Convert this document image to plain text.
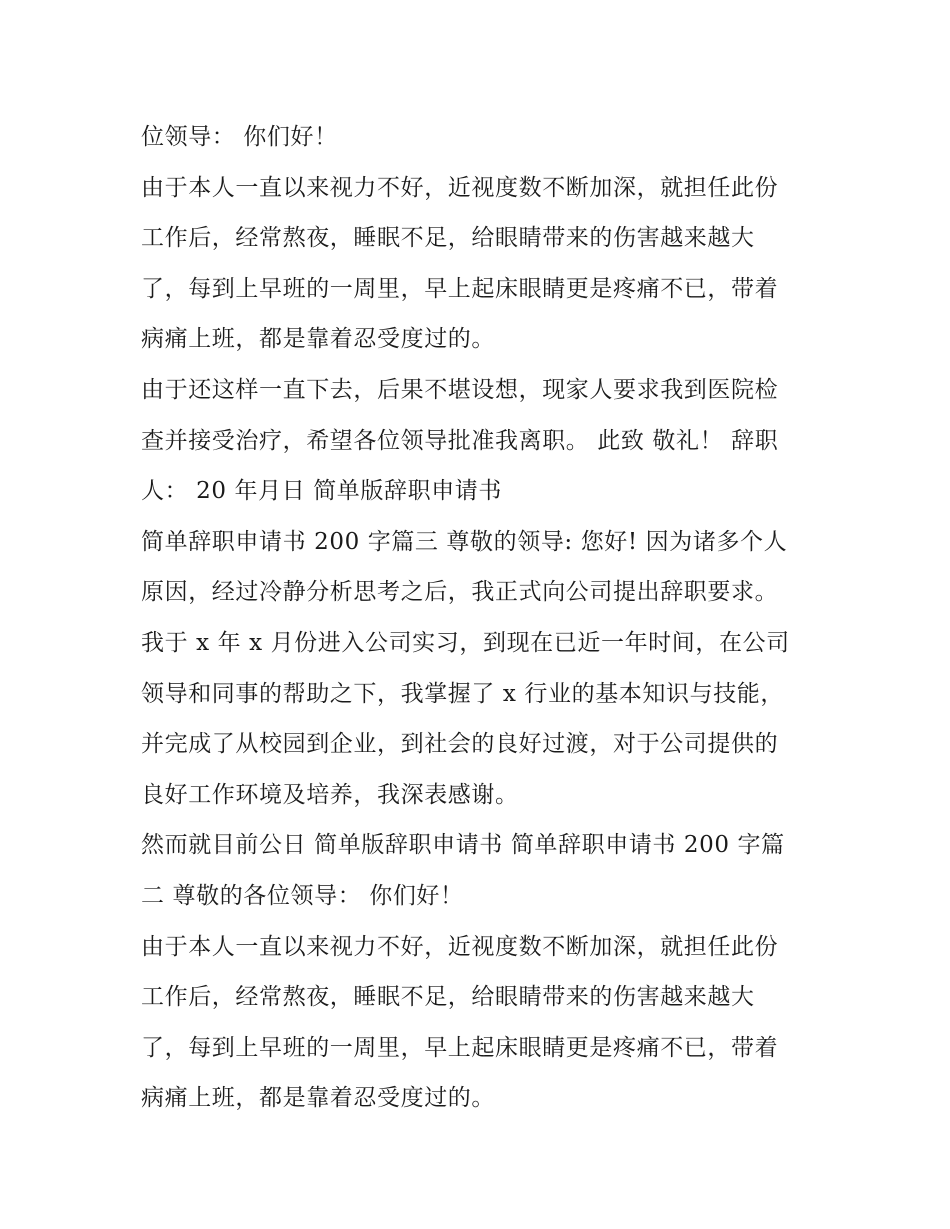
位领导： 你们好！
由于本人一直以来视力不好，近视度数不断加深，就担任此份
工作后，经常熬夜，睡眠不足，给眼睛带来的伤害越来越大
了，每到上早班的一周里，早上起床眼睛更是疼痛不已，带着
病痛上班，都是靠着忍受度过的。
由于还这样一直下去，后果不堪设想，现家人要求我到医院检
查并接受治疗，希望各位领导批准我离职。 此致 敬礼！ 辞职
人： 20 年月日 简单版辞职申请书
简单辞职申请书 200 字篇三 尊敬的领导: 您好! 因为诸多个人
原因，经过冷静分析思考之后，我正式向公司提出辞职要求。
我于 x 年 x 月份进入公司实习，到现在已近一年时间，在公司
领导和同事的帮助之下，我掌握了 x 行业的基本知识与技能，
并完成了从校园到企业，到社会的良好过渡，对于公司提供的
良好工作环境及培养，我深表感谢。
然而就目前公日 简单版辞职申请书 简单辞职申请书 200 字篇
二 尊敬的各位领导： 你们好！
由于本人一直以来视力不好，近视度数不断加深，就担任此份
工作后，经常熬夜，睡眠不足，给眼睛带来的伤害越来越大
了，每到上早班的一周里，早上起床眼睛更是疼痛不已，带着
病痛上班，都是靠着忍受度过的。
